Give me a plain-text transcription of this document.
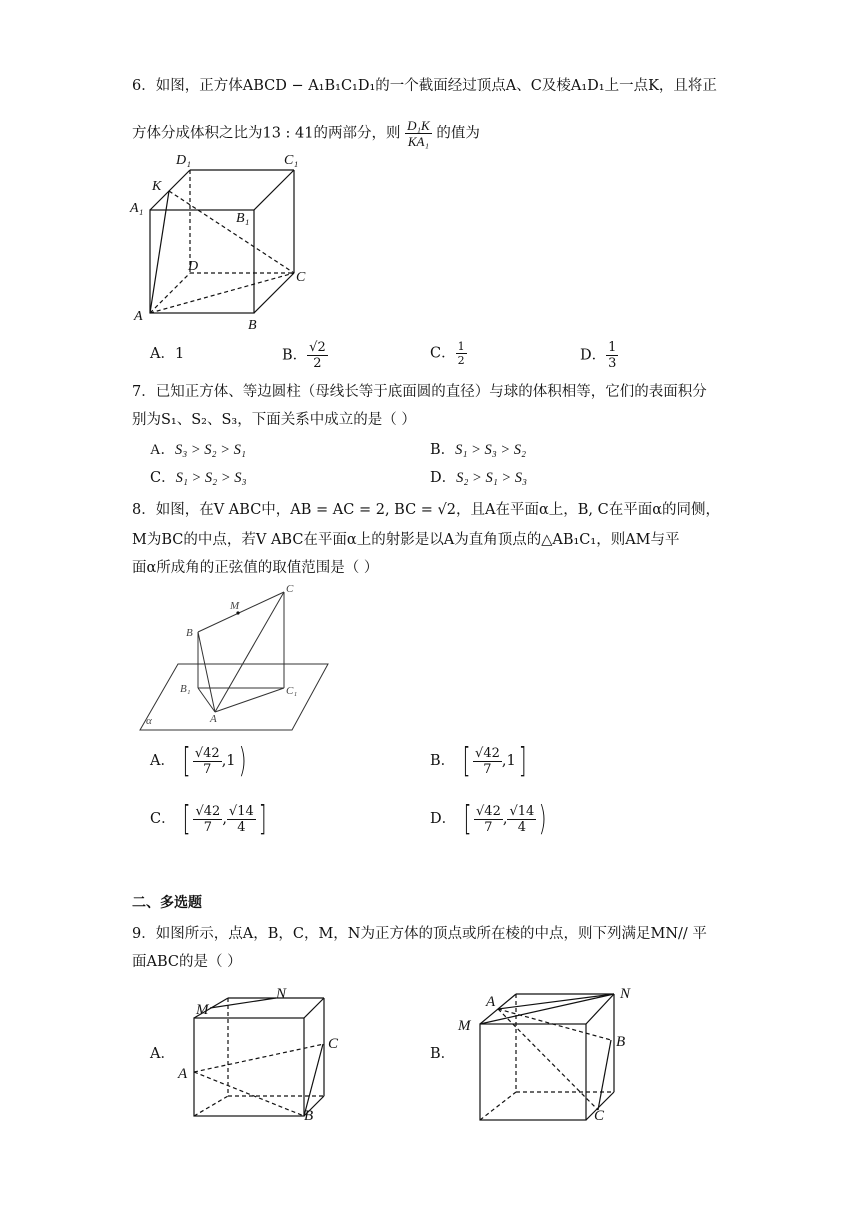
6．如图，正方体ABCD − A₁B₁C₁D₁的一个截面经过顶点A、C及棱A₁D₁上一点K，且将正
方体分成体积之比为13 : 41的两部分，则 $\frac{\text{D₁K}}{\text{KA₁}}$ 的值为
D₁	C₁
K
A₁
B₁
D
C
A
B
A．1	B． $\frac{√2}{2}$	C． $\frac{1}{2}$	D． $\frac{1}{3}$
7．已知正方体、等边圆柱（母线长等于底面圆的直径）与球的体积相等，它们的表面积分
别为S₁、S₂、S₃，下面关系中成立的是（ ）
A．S₃ > S₂ > S₁	B．S₁ > S₃ > S₂
C．S₁ > S₂ > S₃	D．S₂ > S₁ > S₃
8．如图，在V ABC中，AB = AC = 2, BC = √2，且A在平面α上，B, C在平面α的同侧，
M为BC的中点，若V ABC在平面α上的射影是以A为直角顶点的△AB₁C₁，则AM与平
面α所成角的正弦值的取值范围是（ ）
C
M
B
B₁	C₁
A
α
A． [ $\frac{√42}{7}$ , 1 )	B． [ $\frac{√42}{7}$ , 1 ]
C． [ $\frac{√42}{7}$ , $\frac{√14}{4}$ ]	D． [ $\frac{√42}{7}$ , $\frac{√14}{4}$ )
二、多选题
9．如图所示，点A，B，C，M，N为正方体的顶点或所在棱的中点，则下列满足MN// 平
面ABC的是（ ）
A．
M
N
C
A
B
B．
A	N
M
B
C
